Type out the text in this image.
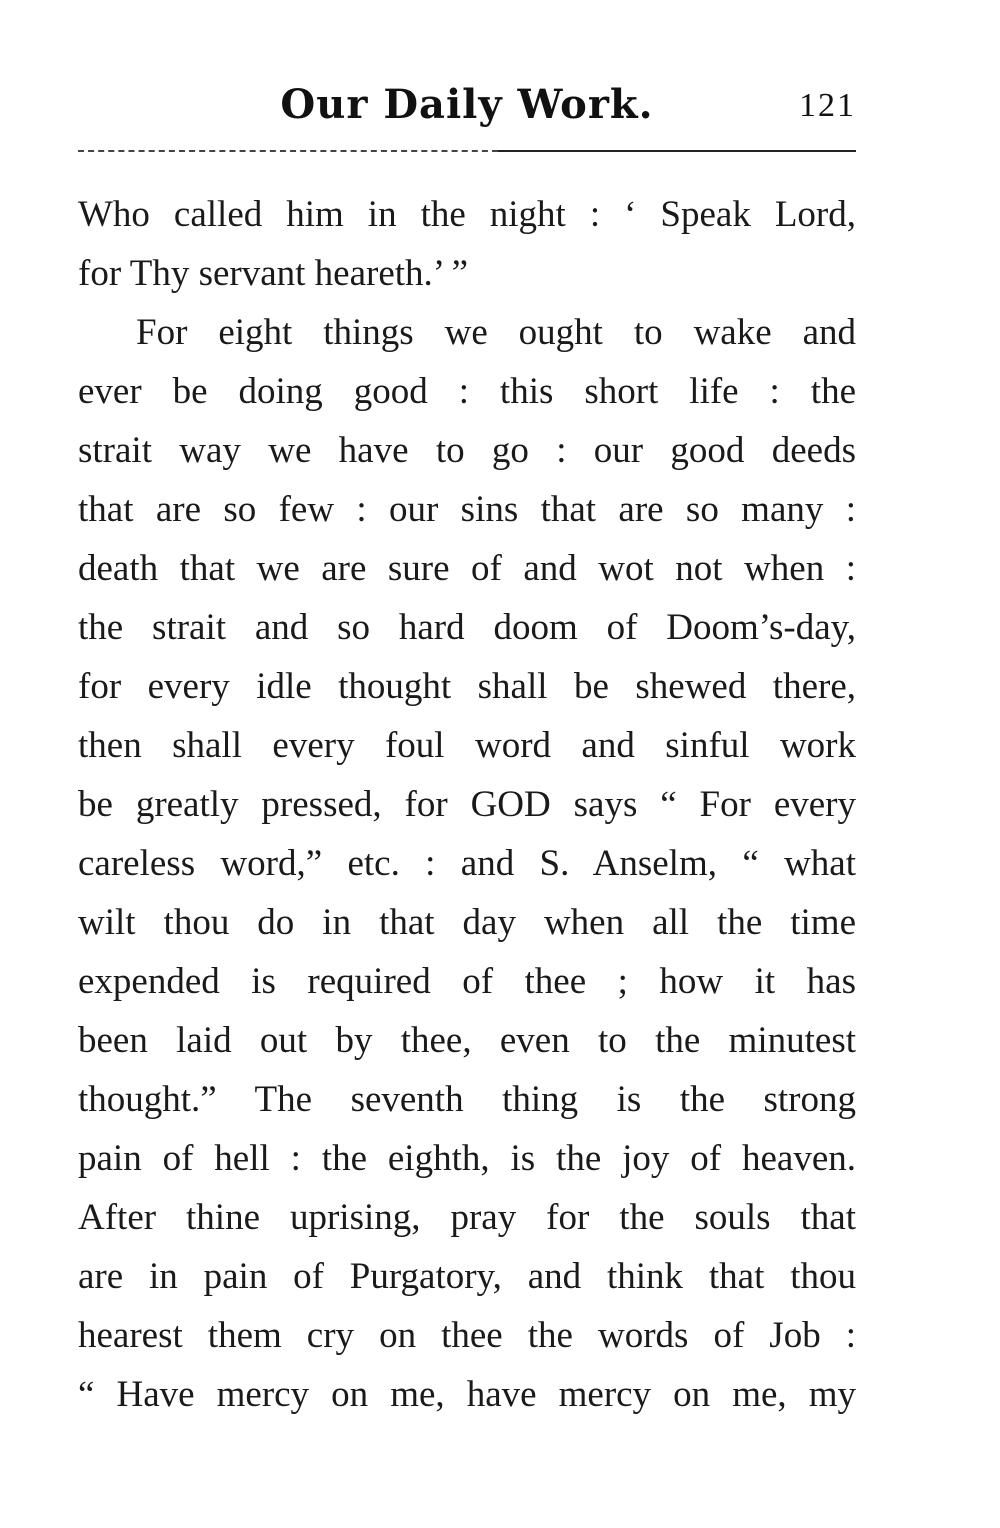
Our Daily Work.	121
Who called him in the night : ‘ Speak Lord,
for Thy servant heareth.’ ”
For eight things we ought to wake and
ever be doing good : this short life : the
strait way we have to go : our good deeds
that are so few : our sins that are so many :
death that we are sure of and wot not when :
the strait and so hard doom of Doom’s-day,
for every idle thought shall be shewed there,
then shall every foul word and sinful work
be greatly pressed, for GOD says “ For every
careless word,” etc. : and S. Anselm, “ what
wilt thou do in that day when all the time
expended is required of thee ; how it has
been laid out by thee, even to the minutest
thought.” The seventh thing is the strong
pain of hell : the eighth, is the joy of heaven.
After thine uprising, pray for the souls that
are in pain of Purgatory, and think that thou
hearest them cry on thee the words of Job :
“ Have mercy on me, have mercy on me, my
